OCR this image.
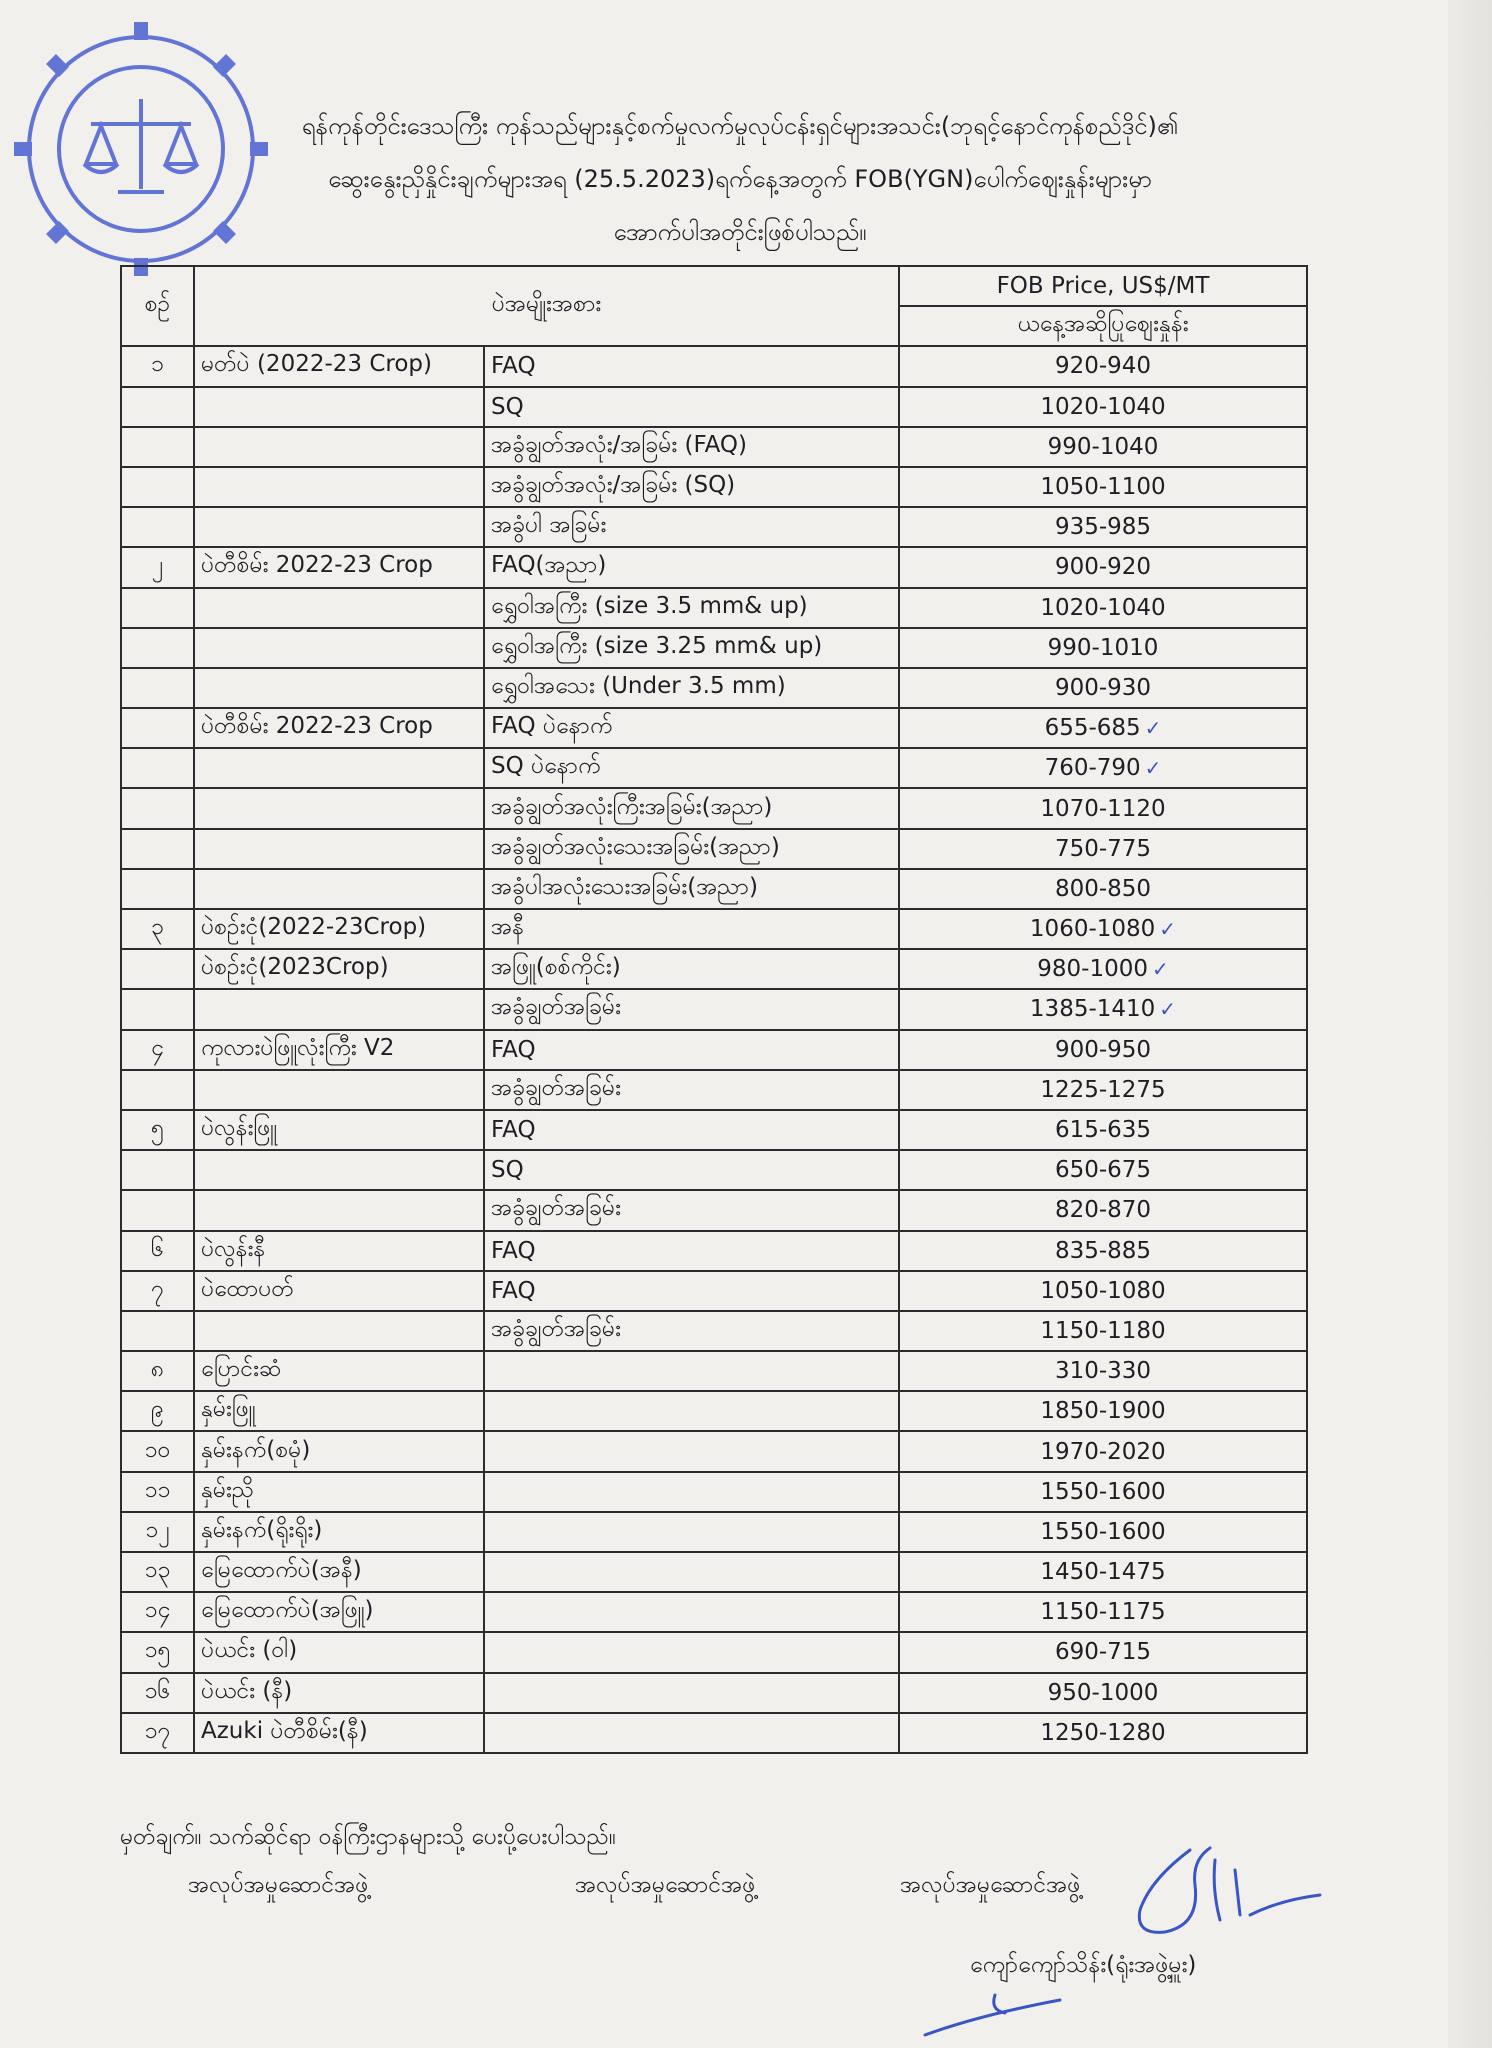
ရန်ကုန်တိုင်းဒေသကြီး ကုန်သည်များနှင့်စက်မှုလက်မှုလုပ်ငန်းရှင်များအသင်း(ဘုရင့်နောင်ကုန်စည်ဒိုင်)၏
ဆွေးနွေးညှိနှိုင်းချက်များအရ (25.5.2023)ရက်နေ့အတွက် FOB(YGN)ပေါက်ဈေးနှုန်းများမှာ
အောက်ပါအတိုင်းဖြစ်ပါသည်။
စဉ်	ပဲအမျိုးအစား		FOB Price, US$/MT
			ယနေ့အဆိုပြုဈေးနှုန်း
၁	မတ်ပဲ (2022-23 Crop)	FAQ	920-940
		SQ	1020-1040
		အခွံချွတ်အလုံး/အခြမ်း (FAQ)	990-1040
		အခွံချွတ်အလုံး/အခြမ်း (SQ)	1050-1100
		အခွံပါ အခြမ်း	935-985
၂	ပဲတီစိမ်း 2022-23 Crop	FAQ(အညာ)	900-920
		ရွှေဝါအကြီး (size 3.5 mm& up)	1020-1040
		ရွှေဝါအကြီး (size 3.25 mm& up)	990-1010
		ရွှေဝါအသေး (Under 3.5 mm)	900-930
	ပဲတီစိမ်း 2022-23 Crop	FAQ ပဲနောက်	655-685 ✓
		SQ ပဲနောက်	760-790 ✓
		အခွံချွတ်အလုံးကြီးအခြမ်း(အညာ)	1070-1120
		အခွံချွတ်အလုံးသေးအခြမ်း(အညာ)	750-775
		အခွံပါအလုံးသေးအခြမ်း(အညာ)	800-850
၃	ပဲစဉ်းငုံ(2022-23Crop)	အနီ	1060-1080 ✓
	ပဲစဉ်းငုံ(2023Crop)	အဖြူ(စစ်ကိုင်း)	980-1000 ✓
		အခွံချွတ်အခြမ်း	1385-1410 ✓
၄	ကုလားပဲဖြူလုံးကြီး V2	FAQ	900-950
		အခွံချွတ်အခြမ်း	1225-1275
၅	ပဲလွန်းဖြူ	FAQ	615-635
		SQ	650-675
		အခွံချွတ်အခြမ်း	820-870
၆	ပဲလွန်းနီ	FAQ	835-885
၇	ပဲထောပတ်	FAQ	1050-1080
		အခွံချွတ်အခြမ်း	1150-1180
၈	ပြောင်းဆံ		310-330
၉	နှမ်းဖြူ		1850-1900
၁၀	နှမ်းနက်(စမုံ)		1970-2020
၁၁	နှမ်းညို		1550-1600
၁၂	နှမ်းနက်(ရိုးရိုး)		1550-1600
၁၃	မြေထောက်ပဲ(အနီ)		1450-1475
၁၄	မြေထောက်ပဲ(အဖြူ)		1150-1175
၁၅	ပဲယင်း (ဝါ)		690-715
၁၆	ပဲယင်း (နီ)		950-1000
၁၇	Azuki ပဲတီစိမ်း(နီ)		1250-1280
မှတ်ချက်။ သက်ဆိုင်ရာ ဝန်ကြီးဌာနများသို့ ပေးပို့ပေးပါသည်။
အလုပ်အမှုဆောင်အဖွဲ့	အလုပ်အမှုဆောင်အဖွဲ့	အလုပ်အမှုဆောင်အဖွဲ့
ကျော်ကျော်သိန်း(ရုံးအဖွဲ့မှူး)
